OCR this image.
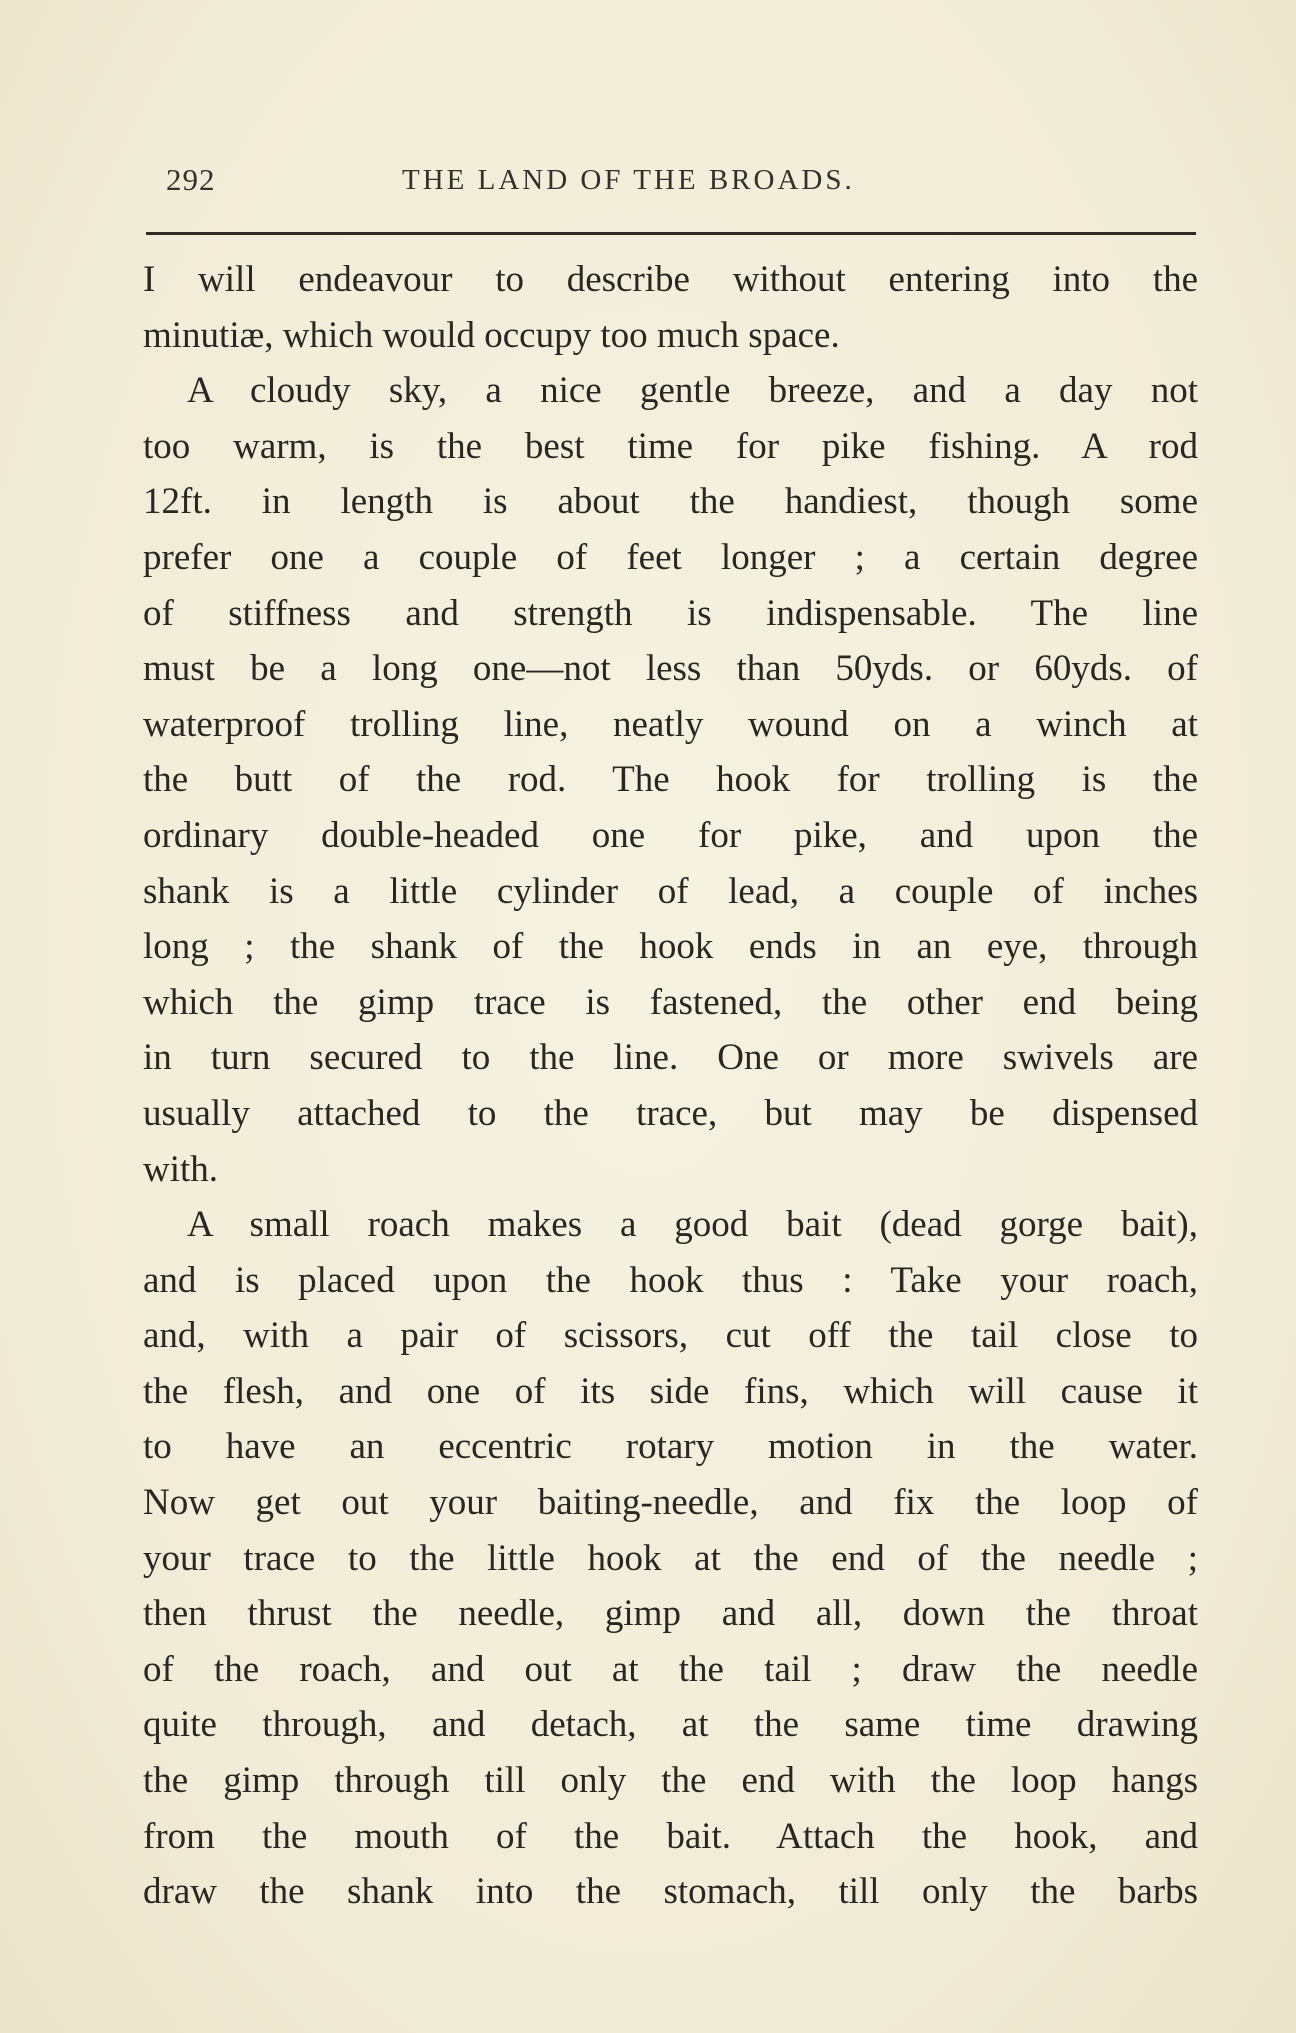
292	THE LAND OF THE BROADS.
I will endeavour to describe without entering into the
minutiæ, which would occupy too much space.
A cloudy sky, a nice gentle breeze, and a day not
too warm, is the best time for pike fishing. A rod
12ft. in length is about the handiest, though some
prefer one a couple of feet longer ; a certain degree
of stiffness and strength is indispensable. The line
must be a long one—not less than 50yds. or 60yds. of
waterproof trolling line, neatly wound on a winch at
the butt of the rod. The hook for trolling is the
ordinary double-headed one for pike, and upon the
shank is a little cylinder of lead, a couple of inches
long ; the shank of the hook ends in an eye, through
which the gimp trace is fastened, the other end being
in turn secured to the line. One or more swivels are
usually attached to the trace, but may be dispensed
with.
A small roach makes a good bait (dead gorge bait),
and is placed upon the hook thus : Take your roach,
and, with a pair of scissors, cut off the tail close to
the flesh, and one of its side fins, which will cause it
to have an eccentric rotary motion in the water.
Now get out your baiting-needle, and fix the loop of
your trace to the little hook at the end of the needle ;
then thrust the needle, gimp and all, down the throat
of the roach, and out at the tail ; draw the needle
quite through, and detach, at the same time drawing
the gimp through till only the end with the loop hangs
from the mouth of the bait. Attach the hook, and
draw the shank into the stomach, till only the barbs
